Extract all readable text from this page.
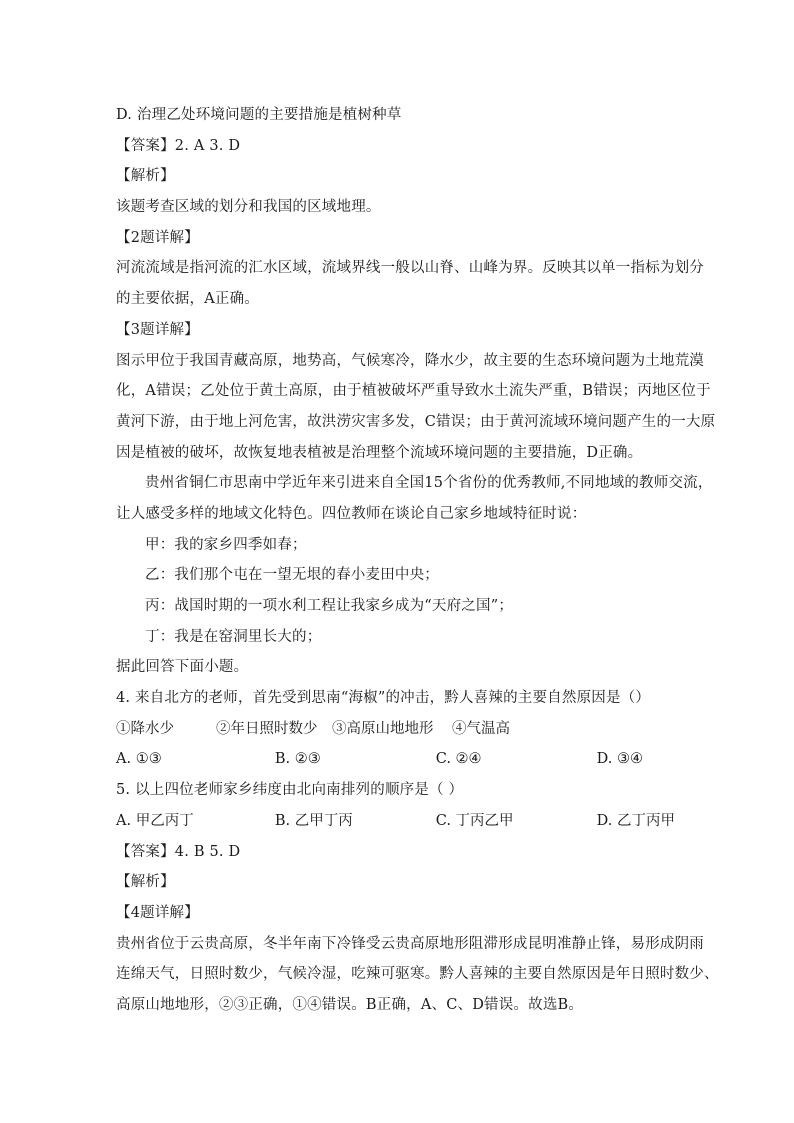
D. 治理乙处环境问题的主要措施是植树种草
【答案】2. A 3. D
【解析】
该题考查区域的划分和我国的区域地理。
【2题详解】
河流流域是指河流的汇水区域，流域界线一般以山脊、山峰为界。反映其以单一指标为划分
的主要依据，A正确。
【3题详解】
图示甲位于我国青藏高原，地势高，气候寒冷，降水少，故主要的生态环境问题为土地荒漠
化，A错误；乙处位于黄土高原，由于植被破坏严重导致水土流失严重，B错误；丙地区位于
黄河下游，由于地上河危害，故洪涝灾害多发，C错误；由于黄河流域环境问题产生的一大原
因是植被的破坏，故恢复地表植被是治理整个流域环境问题的主要措施，D正确。
贵州省铜仁市思南中学近年来引进来自全国15个省份的优秀教师,不同地域的教师交流，
让人感受多样的地域文化特色。四位教师在谈论自己家乡地域特征时说：
甲：我的家乡四季如春；
乙：我们那个屯在一望无垠的春小麦田中央；
丙：战国时期的一项水利工程让我家乡成为“天府之国”；
丁：我是在窑洞里长大的；
据此回答下面小题。
4. 来自北方的老师，首先受到思南“海椒”的冲击，黔人喜辣的主要自然原因是（）
①降水少	②年日照时数少	③高原山地地形	④气温高
A. ①③	B. ②③	C. ②④	D. ③④
5. 以上四位老师家乡纬度由北向南排列的顺序是（ ）
A. 甲乙丙丁	B. 乙甲丁丙	C. 丁丙乙甲	D. 乙丁丙甲
【答案】4. B 5. D
【解析】
【4题详解】
贵州省位于云贵高原，冬半年南下冷锋受云贵高原地形阻滞形成昆明准静止锋，易形成阴雨
连绵天气，日照时数少，气候冷湿，吃辣可驱寒。黔人喜辣的主要自然原因是年日照时数少、
高原山地地形，②③正确，①④错误。B正确，A、C、D错误。故选B。
